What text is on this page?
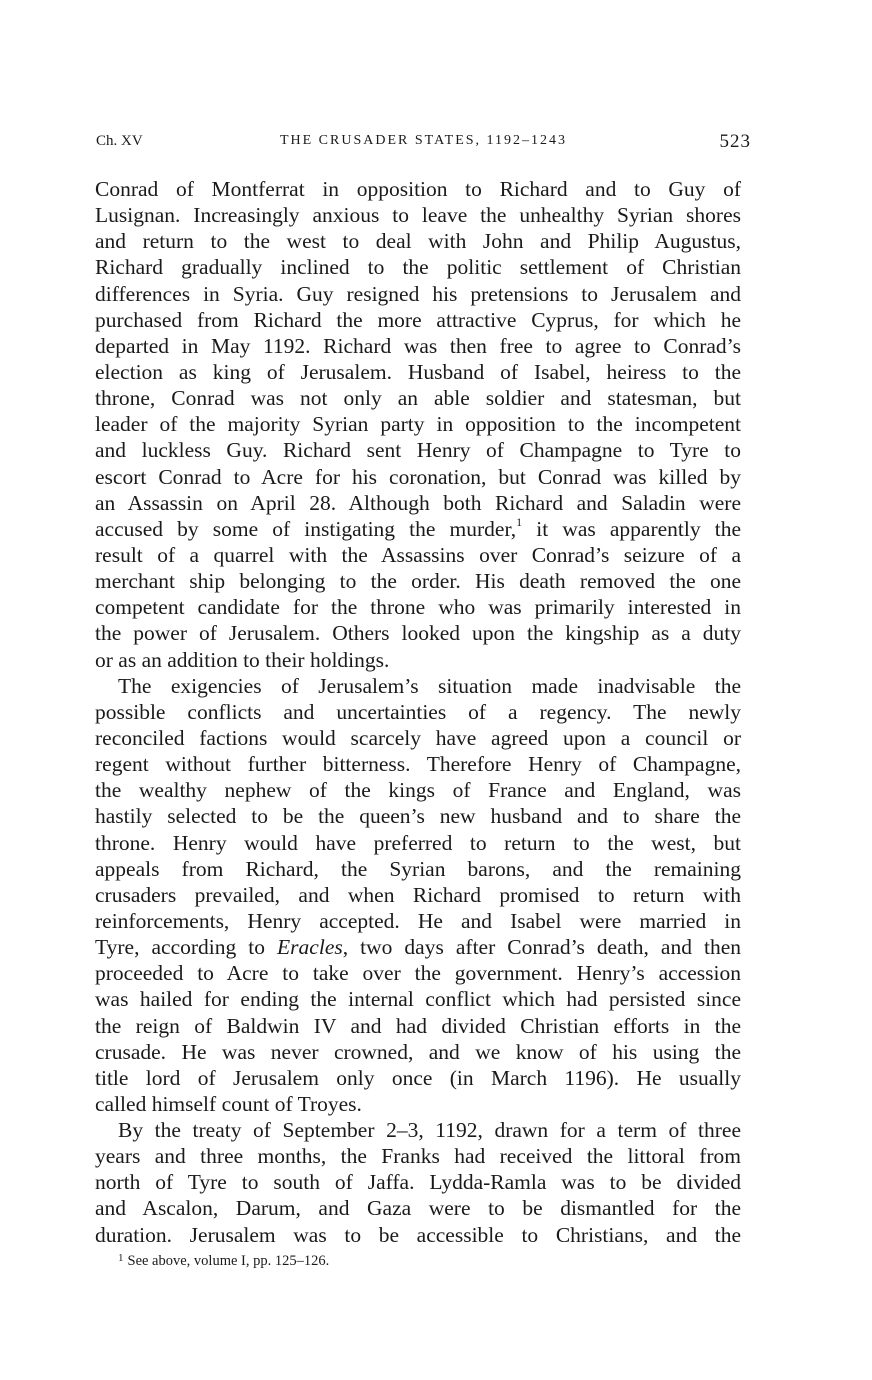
Ch. XV	THE CRUSADER STATES, 1192–1243	523
Conrad of Montferrat in opposition to Richard and to Guy of
Lusignan. Increasingly anxious to leave the unhealthy Syrian shores
and return to the west to deal with John and Philip Augustus,
Richard gradually inclined to the politic settlement of Christian
differences in Syria. Guy resigned his pretensions to Jerusalem and
purchased from Richard the more attractive Cyprus, for which he
departed in May 1192. Richard was then free to agree to Conrad’s
election as king of Jerusalem. Husband of Isabel, heiress to the
throne, Conrad was not only an able soldier and statesman, but
leader of the majority Syrian party in opposition to the incompetent
and luckless Guy. Richard sent Henry of Champagne to Tyre to
escort Conrad to Acre for his coronation, but Conrad was killed by
an Assassin on April 28. Although both Richard and Saladin were
accused by some of instigating the murder,$^1$ it was apparently the
result of a quarrel with the Assassins over Conrad’s seizure of a
merchant ship belonging to the order. His death removed the one
competent candidate for the throne who was primarily interested in
the power of Jerusalem. Others looked upon the kingship as a duty
or as an addition to their holdings.
The exigencies of Jerusalem’s situation made inadvisable the
possible conflicts and uncertainties of a regency. The newly
reconciled factions would scarcely have agreed upon a council or
regent without further bitterness. Therefore Henry of Champagne,
the wealthy nephew of the kings of France and England, was
hastily selected to be the queen’s new husband and to share the
throne. Henry would have preferred to return to the west, but
appeals from Richard, the Syrian barons, and the remaining
crusaders prevailed, and when Richard promised to return with
reinforcements, Henry accepted. He and Isabel were married in
Tyre, according to Eracles, two days after Conrad’s death, and then
proceeded to Acre to take over the government. Henry’s accession
was hailed for ending the internal conflict which had persisted since
the reign of Baldwin IV and had divided Christian efforts in the
crusade. He was never crowned, and we know of his using the
title lord of Jerusalem only once (in March 1196). He usually
called himself count of Troyes.
By the treaty of September 2–3, 1192, drawn for a term of three
years and three months, the Franks had received the littoral from
north of Tyre to south of Jaffa. Lydda-Ramla was to be divided
and Ascalon, Darum, and Gaza were to be dismantled for the
duration. Jerusalem was to be accessible to Christians, and the
$^1$ See above, volume I, pp. 125–126.
